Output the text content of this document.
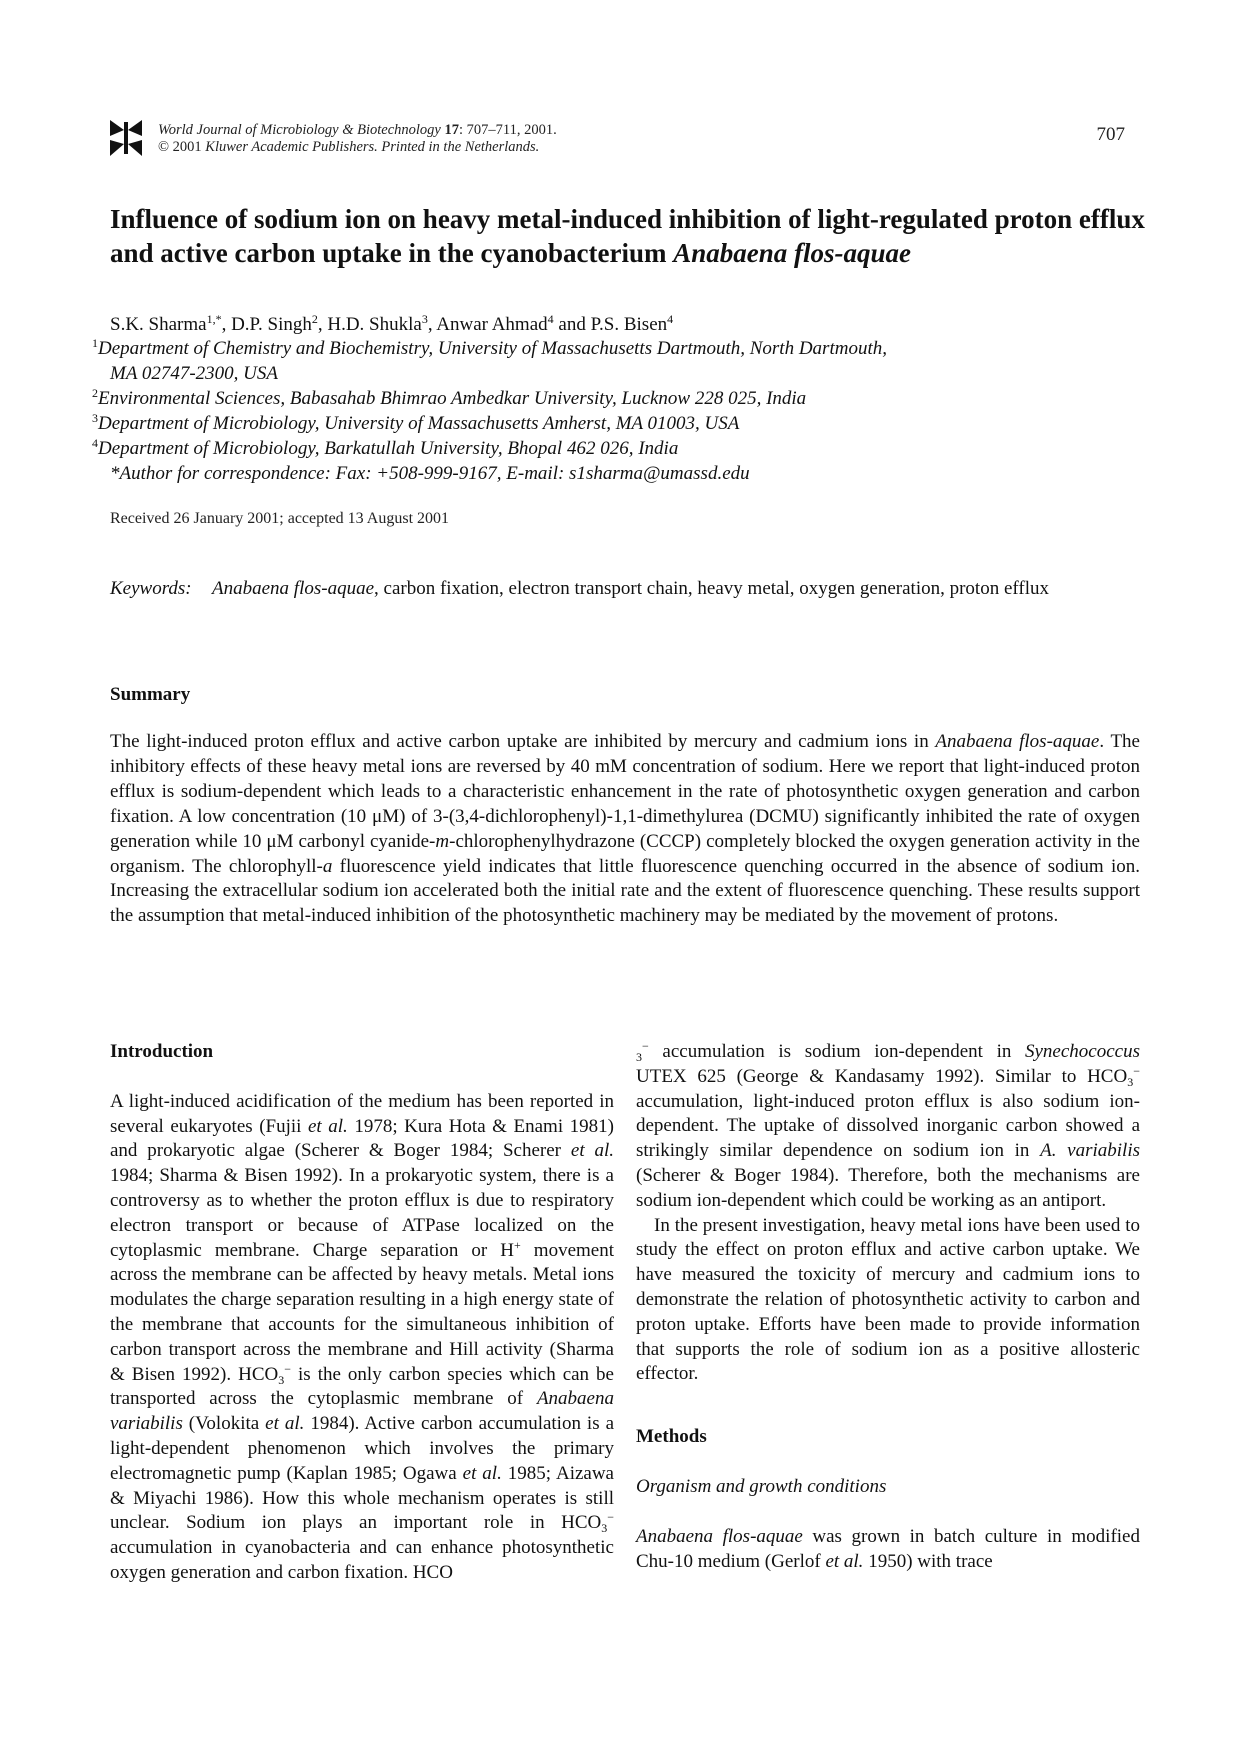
World Journal of Microbiology & Biotechnology 17: 707–711, 2001.
© 2001 Kluwer Academic Publishers. Printed in the Netherlands.
707
Influence of sodium ion on heavy metal-induced inhibition of light-regulated proton efflux and active carbon uptake in the cyanobacterium Anabaena flos-aquae
S.K. Sharma$^{1,*}$, D.P. Singh$^2$, H.D. Shukla$^3$, Anwar Ahmad$^4$ and P.S. Bisen$^4$
$^1$Department of Chemistry and Biochemistry, University of Massachusetts Dartmouth, North Dartmouth,
MA 02747-2300, USA
$^2$Environmental Sciences, Babasahab Bhimrao Ambedkar University, Lucknow 228 025, India
$^3$Department of Microbiology, University of Massachusetts Amherst, MA 01003, USA
$^4$Department of Microbiology, Barkatullah University, Bhopal 462 026, India
*Author for correspondence: Fax: +508-999-9167, E-mail: s1sharma@umassd.edu
Received 26 January 2001; accepted 13 August 2001
Keywords: Anabaena flos-aquae, carbon fixation, electron transport chain, heavy metal, oxygen generation, proton efflux
Summary

The light-induced proton efflux and active carbon uptake are inhibited by mercury and cadmium ions in Anabaena flos-aquae. The inhibitory effects of these heavy metal ions are reversed by 40 mM concentration of sodium. Here we report that light-induced proton efflux is sodium-dependent which leads to a characteristic enhancement in the rate of photosynthetic oxygen generation and carbon fixation. A low concentration (10 μM) of 3-(3,4-dichlorophenyl)-1,1-dimethylurea (DCMU) significantly inhibited the rate of oxygen generation while 10 μM carbonyl cyanide-m-chlorophenylhydrazone (CCCP) completely blocked the oxygen generation activity in the organism. The chlorophyll-a fluorescence yield indicates that little fluorescence quenching occurred in the absence of sodium ion. Increasing the extracellular sodium ion accelerated both the initial rate and the extent of fluorescence quenching. These results support the assumption that metal-induced inhibition of the photosynthetic machinery may be mediated by the movement of protons.

Introduction

A light-induced acidification of the medium has been reported in several eukaryotes (Fujii et al. 1978; Kura Hota & Enami 1981) and prokaryotic algae (Scherer & Boger 1984; Scherer et al. 1984; Sharma & Bisen 1992). In a prokaryotic system, there is a controversy as to whether the proton efflux is due to respiratory electron transport or because of ATPase localized on the cytoplasmic membrane. Charge separation or H+ movement across the membrane can be affected by heavy metals. Metal ions modulates the charge separation resulting in a high energy state of the membrane that accounts for the simultaneous inhibition of carbon transport across the membrane and Hill activity (Sharma & Bisen 1992). $HCO_3^-$ is the only carbon species which can be transported across the cytoplasmic membrane of Anabaena variabilis (Volokita et al. 1984). Active carbon accumulation is a light-dependent phenomenon which involves the primary electromagnetic pump (Kaplan 1985; Ogawa et al. 1985; Aizawa & Miyachi 1986). How this whole mechanism operates is still unclear. Sodium ion plays an important role in $HCO_3^-$ accumulation in cyanobacteria and can enhance photosynthetic oxygen generation and carbon fixation. HCO

$_3$− accumulation is sodium ion-dependent in Synechococcus UTEX 625 (George & Kandasamy 1992). Similar to $HCO_3^-$ accumulation, light-induced proton efflux is also sodium ion-dependent. The uptake of dissolved inorganic carbon showed a strikingly similar dependence on sodium ion in A. variabilis (Scherer & Boger 1984). Therefore, both the mechanisms are sodium ion-dependent which could be working as an antiport.

In the present investigation, heavy metal ions have been used to study the effect on proton efflux and active carbon uptake. We have measured the toxicity of mercury and cadmium ions to demonstrate the relation of photosynthetic activity to carbon and proton uptake. Efforts have been made to provide information that supports the role of sodium ion as a positive allosteric effector.

Methods
Organism and growth conditions

Anabaena flos-aquae was grown in batch culture in modified Chu-10 medium (Gerlof et al. 1950) with trace
